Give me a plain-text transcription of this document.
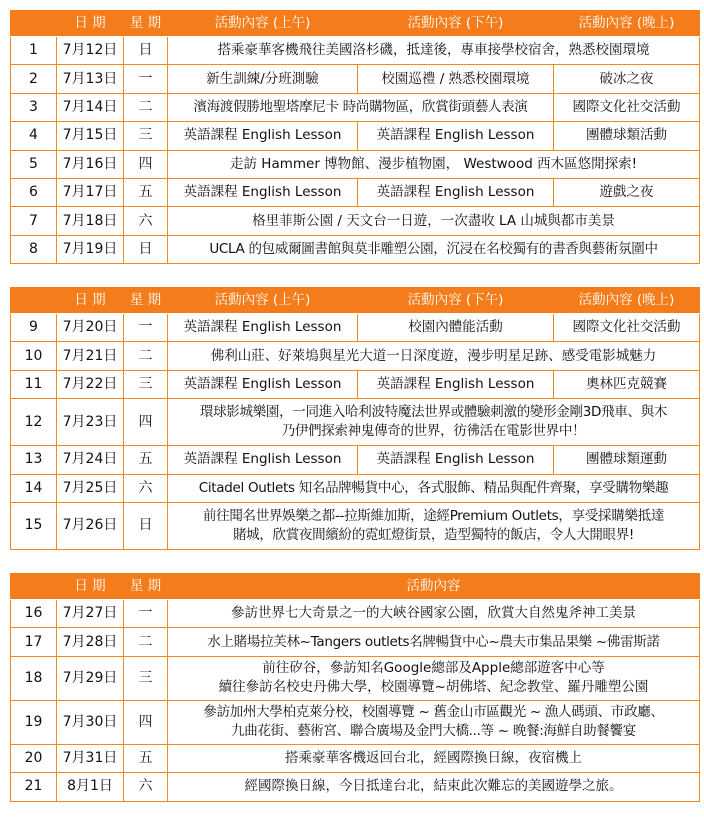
	日 期	星 期	活動內容 (上午)	活動內容 (下午)	活動內容 (晚上)
1	7月12日	日	搭乘豪華客機飛往美國洛杉磯，抵達後，專車接學校宿舍，熟悉校園環境		
2	7月13日	一	新生訓練/分班測驗	校園巡禮 / 熟悉校園環境	破冰之夜
3	7月14日	二	濱海渡假勝地聖塔摩尼卡 時尚購物區，欣賞街頭藝人表演		國際文化社交活動
4	7月15日	三	英語課程 English Lesson	英語課程 English Lesson	團體球類活動
5	7月16日	四	走訪 Hammer 博物館、漫步植物園， Westwood 西木區悠閒探索!		
6	7月17日	五	英語課程 English Lesson	英語課程 English Lesson	遊戲之夜
7	7月18日	六	格里菲斯公園 / 天文台一日遊，一次盡收 LA 山城與都市美景		
8	7月19日	日	UCLA 的包威爾圖書館與莫非雕塑公園，沉浸在名校獨有的書香與藝術氛圍中		
	日 期	星 期	活動內容 (上午)	活動內容 (下午)	活動內容 (晚上)
9	7月20日	一	英語課程 English Lesson	校園內體能活動	國際文化社交活動
10	7月21日	二	佛利山莊、好萊塢與星光大道一日深度遊，漫步明星足跡、感受電影城魅力		
11	7月22日	三	英語課程 English Lesson	英語課程 English Lesson	奧林匹克競賽
12	7月23日	四	環球影城樂園，一同進入哈利波特魔法世界或體驗刺激的變形金剛3D飛車、與木
乃伊們探索神鬼傳奇的世界，彷彿活在電影世界中！		

13	7月24日	五	英語課程 English Lesson	英語課程 English Lesson	團體球類運動
14	7月25日	六	Citadel Outlets 知名品牌暢貨中心，各式服飾、精品與配件齊聚，享受購物樂趣		
15	7月26日	日	前往聞名世界娛樂之都--拉斯維加斯，途經Premium Outlets，享受採購樂抵達
賭城，欣賞夜間繽紛的霓虹燈街景，造型獨特的飯店，令人大開眼界!		
	日 期	星 期	活動內容
16	7月27日	一	參訪世界七大奇景之一的大峽谷國家公園，欣賞大自然鬼斧神工美景
17	7月28日	二	水上賭場拉芙林~Tangers outlets名牌暢貨中心~農夫市集品果樂 ~佛雷斯諾
18	7月29日	三	前往矽谷，參訪知名Google總部及Apple總部遊客中心等
續往參訪名校史丹佛大學，校園導覽~胡佛塔、紀念教堂、羅丹雕塑公園

19	7月30日	四	參訪加州大學柏克萊分校，校園導覽 ~ 舊金山市區觀光 ~ 漁人碼頭、市政廳、
九曲花街、藝術宮、聯合廣場及金門大橋...等 ~ 晚餐:海鮮自助餐饗宴

20	7月31日	五	搭乘豪華客機返回台北，經國際換日線，夜宿機上
21	8月1日	六	經國際換日線，今日抵達台北，結束此次難忘的美國遊學之旅。
